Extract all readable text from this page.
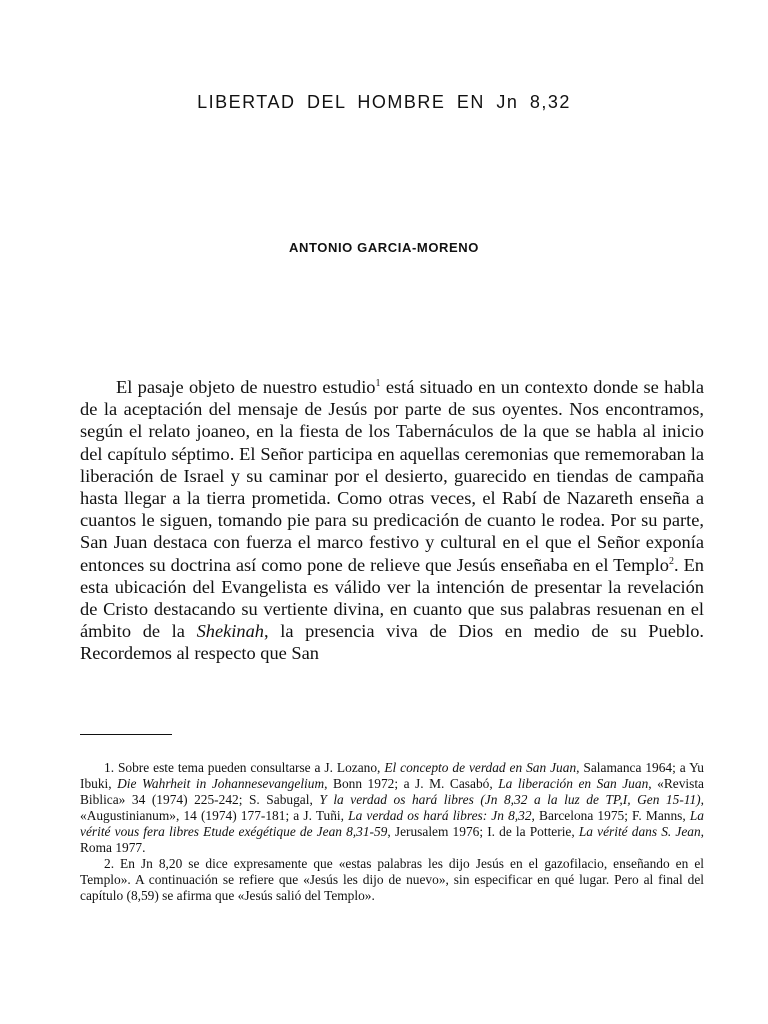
LIBERTAD DEL HOMBRE EN Jn 8,32
ANTONIO GARCIA-MORENO

El pasaje objeto de nuestro estudio$^1$ está situado en un contexto donde se habla de la aceptación del mensaje de Jesús por parte de sus oyentes. Nos encontramos, según el relato joaneo, en la fiesta de los Tabernáculos de la que se habla al inicio del capítulo séptimo. El Señor participa en aquellas ceremonias que rememoraban la liberación de Israel y su caminar por el desierto, guarecido en tiendas de campaña hasta llegar a la tierra prometida. Como otras veces, el Rabí de Nazareth enseña a cuantos le siguen, tomando pie para su predicación de cuanto le rodea. Por su parte, San Juan destaca con fuerza el marco festivo y cultural en el que el Señor exponía entonces su doctrina así como pone de relieve que Jesús enseñaba en el Templo$^2$. En esta ubicación del Evangelista es válido ver la intención de presentar la revelación de Cristo destacando su vertiente divina, en cuanto que sus palabras resuenan en el ámbito de la Shekinah, la presencia viva de Dios en medio de su Pueblo. Recordemos al respecto que San

1. Sobre este tema pueden consultarse a J. Lozano, El concepto de verdad en San Juan, Salamanca 1964; a Yu Ibuki, Die Wahrheit in Johannesevangelium, Bonn 1972; a J. M. Casabó, La liberación en San Juan, «Revista Biblica» 34 (1974) 225-242; S. Sabugal, Y la verdad os hará libres (Jn 8,32 a la luz de TP,I, Gen 15-11), «Augustinianum», 14 (1974) 177-181; a J. Tuñi, La verdad os hará libres: Jn 8,32, Barcelona 1975; F. Manns, La vérité vous fera libres Etude exégétique de Jean 8,31-59, Jerusalem 1976; I. de la Potterie, La vérité dans S. Jean, Roma 1977.

2. En Jn 8,20 se dice expresamente que «estas palabras les dijo Jesús en el gazofilacio, enseñando en el Templo». A continuación se refiere que «Jesús les dijo de nuevo», sin especificar en qué lugar. Pero al final del capítulo (8,59) se afirma que «Jesús salió del Templo».
